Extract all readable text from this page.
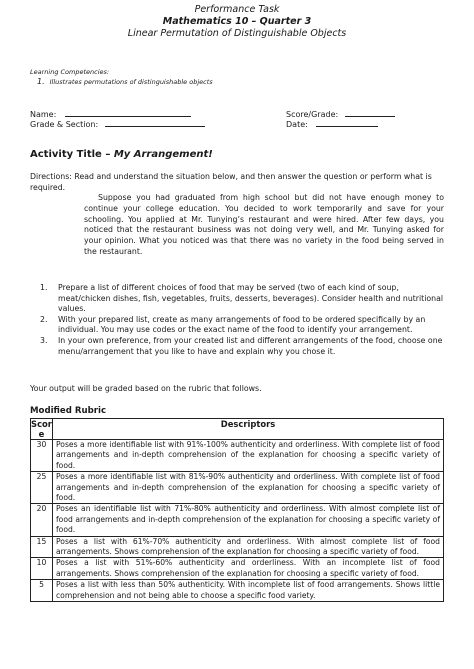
Performance Task
Mathematics 10 – Quarter 3
Linear Permutation of Distinguishable Objects
Learning Competencies:
1. Illustrates permutations of distinguishable objects
Name:
Grade & Section:
Score/Grade:
Date:
Activity Title – My Arrangement!
Directions: Read and understand the situation below, and then answer the question or perform what is required.
Suppose you had graduated from high school but did not have enough money to continue your college education. You decided to work temporarily and save for your schooling. You applied at Mr. Tunying’s restaurant and were hired. After few days, you noticed that the restaurant business was not doing very well, and Mr. Tunying asked for your opinion. What you noticed was that there was no variety in the food being served in the restaurant.
1. Prepare a list of different choices of food that may be served (two of each kind of soup, meat/chicken dishes, fish, vegetables, fruits, desserts, beverages). Consider health and nutritional values.
2. With your prepared list, create as many arrangements of food to be ordered specifically by an individual. You may use codes or the exact name of the food to identify your arrangement.
3. In your own preference, from your created list and different arrangements of the food, choose one menu/arrangement that you like to have and explain why you chose it.
Your output will be graded based on the rubric that follows.
Modified Rubric
Scor
e	Descriptors
30	Poses a more identifiable list with 91%-100% authenticity and orderliness. With complete list of food arrangements and in-depth comprehension of the explanation for choosing a specific variety of food.
25	Poses a more identifiable list with 81%-90% authenticity and orderliness. With complete list of food arrangements and in-depth comprehension of the explanation for choosing a specific variety of food.
20	Poses an identifiable list with 71%-80% authenticity and orderliness. With almost complete list of food arrangements and in-depth comprehension of the explanation for choosing a specific variety of food.
15	Poses a list with 61%-70% authenticity and orderliness. With almost complete list of food arrangements. Shows comprehension of the explanation for choosing a specific variety of food.
10	Poses a list with 51%-60% authenticity and orderliness. With an incomplete list of food arrangements. Shows comprehension of the explanation for choosing a specific variety of food.
5	Poses a list with less than 50% authenticity. With incomplete list of food arrangements. Shows little comprehension and not being able to choose a specific food variety.
